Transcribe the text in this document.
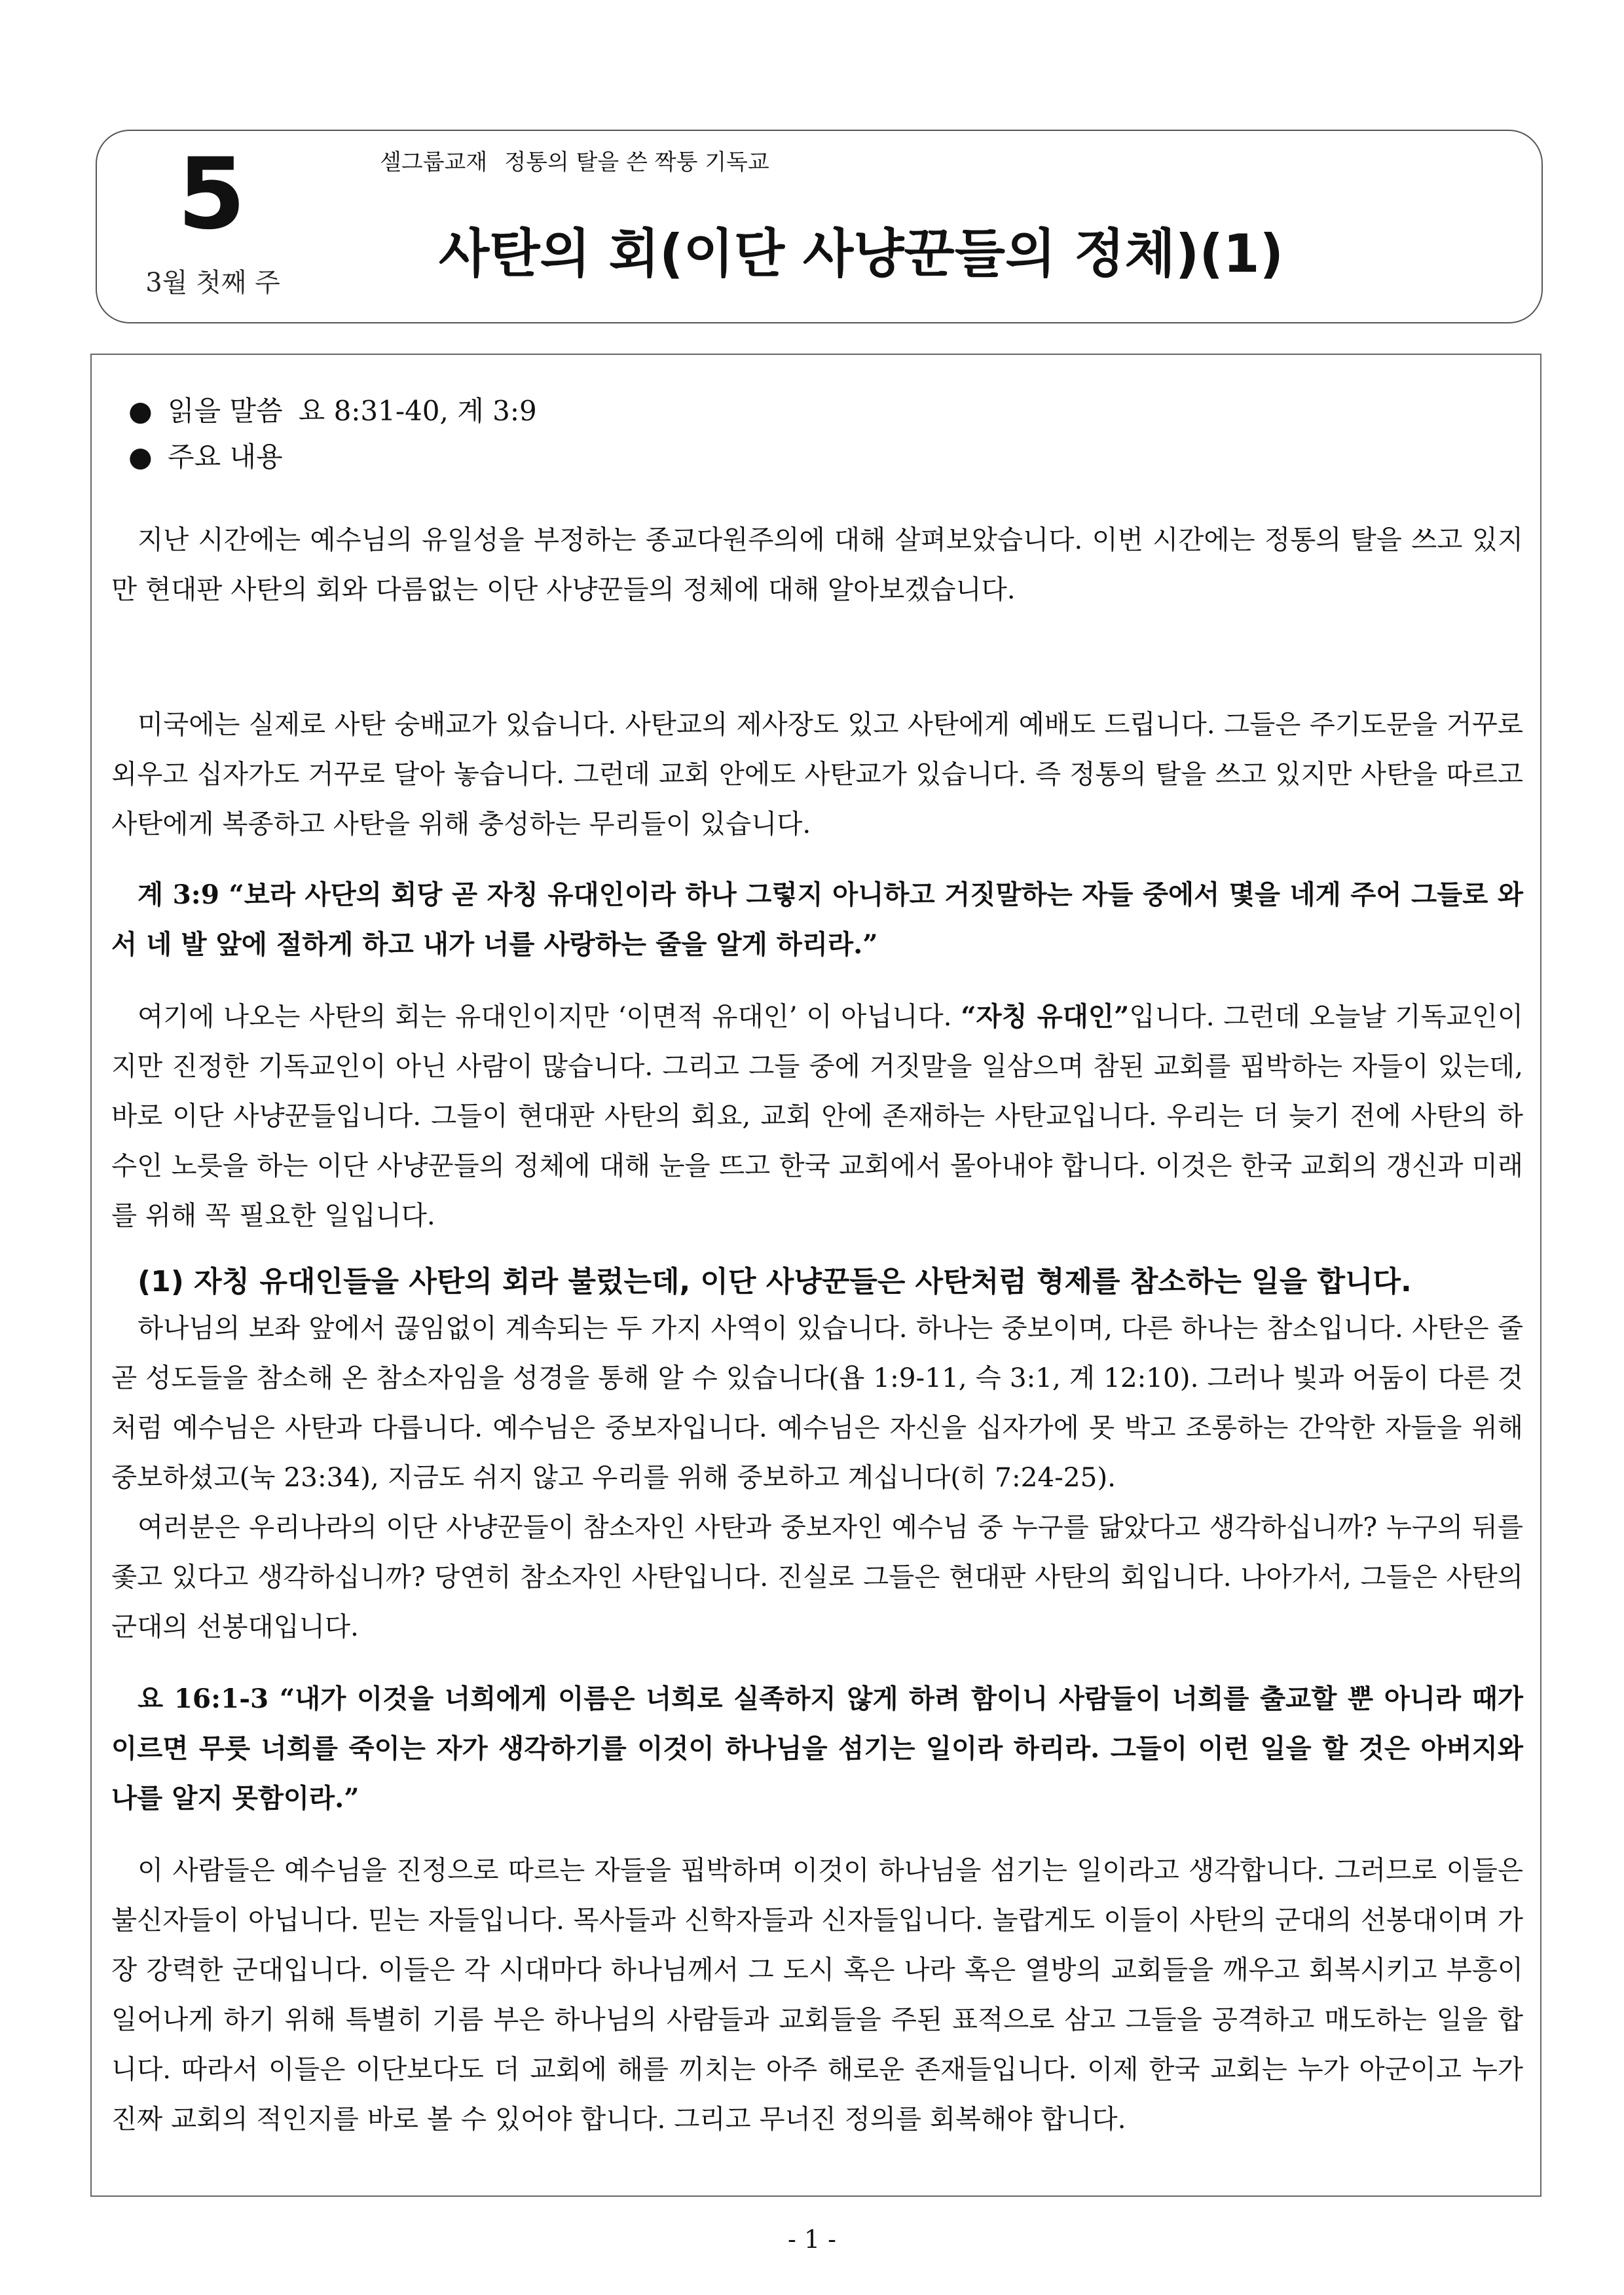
5
3월 첫째 주
셀그룹교재 정통의 탈을 쓴 짝퉁 기독교
사탄의 회(이단 사냥꾼들의 정체)(1)
● 읽을 말씀 요 8:31-40, 계 3:9
● 주요 내용

지난 시간에는 예수님의 유일성을 부정하는 종교다원주의에 대해 살펴보았습니다. 이번 시간에는 정통의 탈을 쓰고 있지만 현대판 사탄의 회와 다름없는 이단 사냥꾼들의 정체에 대해 알아보겠습니다.

미국에는 실제로 사탄 숭배교가 있습니다. 사탄교의 제사장도 있고 사탄에게 예배도 드립니다. 그들은 주기도문을 거꾸로 외우고 십자가도 거꾸로 달아 놓습니다. 그런데 교회 안에도 사탄교가 있습니다. 즉 정통의 탈을 쓰고 있지만 사탄을 따르고 사탄에게 복종하고 사탄을 위해 충성하는 무리들이 있습니다.

계 3:9 “보라 사단의 회당 곧 자칭 유대인이라 하나 그렇지 아니하고 거짓말하는 자들 중에서 몇을 네게 주어 그들로 와서 네 발 앞에 절하게 하고 내가 너를 사랑하는 줄을 알게 하리라.”

여기에 나오는 사탄의 회는 유대인이지만 ‘이면적 유대인’ 이 아닙니다. “자칭 유대인”입니다. 그런데 오늘날 기독교인이지만 진정한 기독교인이 아닌 사람이 많습니다. 그리고 그들 중에 거짓말을 일삼으며 참된 교회를 핍박하는 자들이 있는데, 바로 이단 사냥꾼들입니다. 그들이 현대판 사탄의 회요, 교회 안에 존재하는 사탄교입니다. 우리는 더 늦기 전에 사탄의 하수인 노릇을 하는 이단 사냥꾼들의 정체에 대해 눈을 뜨고 한국 교회에서 몰아내야 합니다. 이것은 한국 교회의 갱신과 미래를 위해 꼭 필요한 일입니다.

(1) 자칭 유대인들을 사탄의 회라 불렀는데, 이단 사냥꾼들은 사탄처럼 형제를 참소하는 일을 합니다.

하나님의 보좌 앞에서 끊임없이 계속되는 두 가지 사역이 있습니다. 하나는 중보이며, 다른 하나는 참소입니다. 사탄은 줄곧 성도들을 참소해 온 참소자임을 성경을 통해 알 수 있습니다(욥 1:9-11, 슥 3:1, 계 12:10). 그러나 빛과 어둠이 다른 것처럼 예수님은 사탄과 다릅니다. 예수님은 중보자입니다. 예수님은 자신을 십자가에 못 박고 조롱하는 간악한 자들을 위해 중보하셨고(눅 23:34), 지금도 쉬지 않고 우리를 위해 중보하고 계십니다(히 7:24-25).

여러분은 우리나라의 이단 사냥꾼들이 참소자인 사탄과 중보자인 예수님 중 누구를 닮았다고 생각하십니까? 누구의 뒤를 좇고 있다고 생각하십니까? 당연히 참소자인 사탄입니다. 진실로 그들은 현대판 사탄의 회입니다. 나아가서, 그들은 사탄의 군대의 선봉대입니다.

요 16:1-3 “내가 이것을 너희에게 이름은 너희로 실족하지 않게 하려 함이니 사람들이 너희를 출교할 뿐 아니라 때가 이르면 무릇 너희를 죽이는 자가 생각하기를 이것이 하나님을 섬기는 일이라 하리라. 그들이 이런 일을 할 것은 아버지와 나를 알지 못함이라.”

이 사람들은 예수님을 진정으로 따르는 자들을 핍박하며 이것이 하나님을 섬기는 일이라고 생각합니다. 그러므로 이들은 불신자들이 아닙니다. 믿는 자들입니다. 목사들과 신학자들과 신자들입니다. 놀랍게도 이들이 사탄의 군대의 선봉대이며 가장 강력한 군대입니다. 이들은 각 시대마다 하나님께서 그 도시 혹은 나라 혹은 열방의 교회들을 깨우고 회복시키고 부흥이 일어나게 하기 위해 특별히 기름 부은 하나님의 사람들과 교회들을 주된 표적으로 삼고 그들을 공격하고 매도하는 일을 합니다. 따라서 이들은 이단보다도 더 교회에 해를 끼치는 아주 해로운 존재들입니다. 이제 한국 교회는 누가 아군이고 누가 진짜 교회의 적인지를 바로 볼 수 있어야 합니다. 그리고 무너진 정의를 회복해야 합니다.

- 1 -
